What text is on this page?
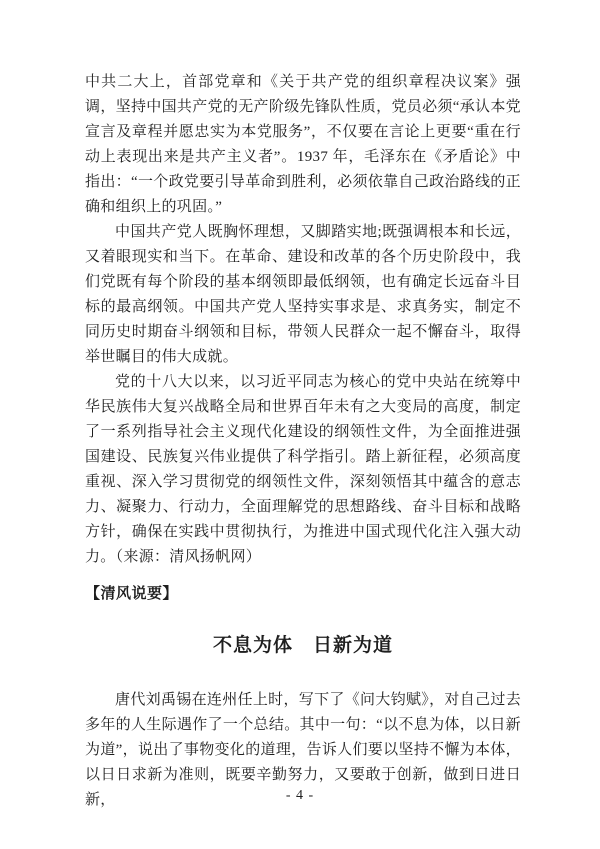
中共二大上，首部党章和《关于共产党的组织章程决议案》强调，坚持中国共产党的无产阶级先锋队性质，党员必须“承认本党宣言及章程并愿忠实为本党服务”，不仅要在言论上更要“重在行动上表现出来是共产主义者”。1937 年，毛泽东在《矛盾论》中指出：“一个政党要引导革命到胜利，必须依靠自己政治路线的正确和组织上的巩固。”

中国共产党人既胸怀理想，又脚踏实地;既强调根本和长远，又着眼现实和当下。在革命、建设和改革的各个历史阶段中，我们党既有每个阶段的基本纲领即最低纲领，也有确定长远奋斗目标的最高纲领。中国共产党人坚持实事求是、求真务实，制定不同历史时期奋斗纲领和目标，带领人民群众一起不懈奋斗，取得举世瞩目的伟大成就。

党的十八大以来，以习近平同志为核心的党中央站在统筹中华民族伟大复兴战略全局和世界百年未有之大变局的高度，制定了一系列指导社会主义现代化建设的纲领性文件，为全面推进强国建设、民族复兴伟业提供了科学指引。踏上新征程，必须高度重视、深入学习贯彻党的纲领性文件，深刻领悟其中蕴含的意志力、凝聚力、行动力，全面理解党的思想路线、奋斗目标和战略方针，确保在实践中贯彻执行，为推进中国式现代化注入强大动力。（来源：清风扬帆网）

【清风说要】
不息为体　日新为道

唐代刘禹锡在连州任上时，写下了《问大钧赋》，对自己过去多年的人生际遇作了一个总结。其中一句：“以不息为体，以日新为道”，说出了事物变化的道理，告诉人们要以坚持不懈为本体，以日日求新为准则，既要辛勤努力，又要敢于创新，做到日进日新，	- 4 -
